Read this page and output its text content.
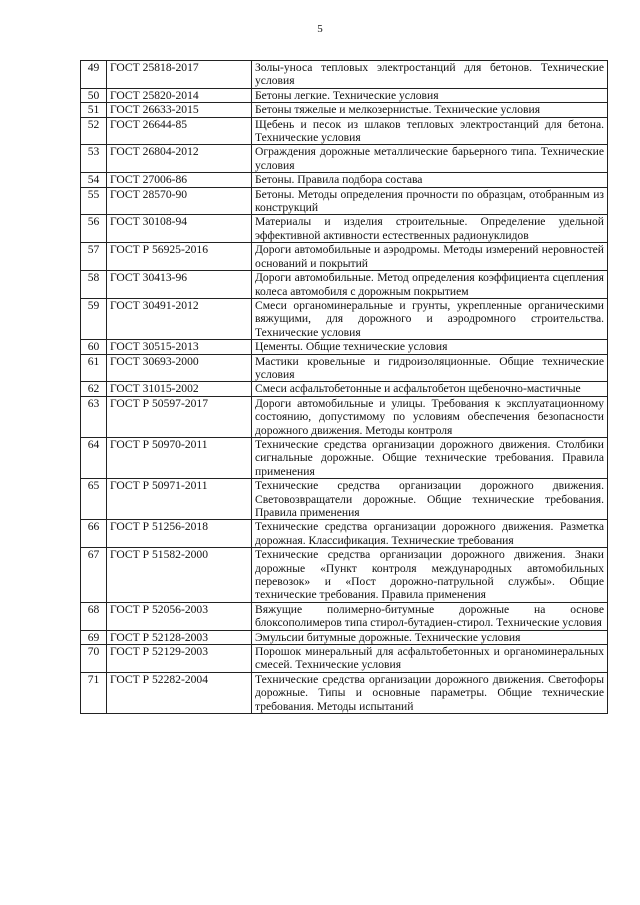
5
49	ГОСТ 25818-2017	Золы-уноса тепловых электростанций для бетонов. Технические условия
50	ГОСТ 25820-2014	Бетоны легкие. Технические условия
51	ГОСТ 26633-2015	Бетоны тяжелые и мелкозернистые. Технические условия
52	ГОСТ 26644-85	Щебень и песок из шлаков тепловых электростанций для бетона. Технические условия
53	ГОСТ 26804-2012	Ограждения дорожные металлические барьерного типа. Технические условия
54	ГОСТ 27006-86	Бетоны. Правила подбора состава
55	ГОСТ 28570-90	Бетоны. Методы определения прочности по образцам, отобранным из конструкций
56	ГОСТ 30108-94	Материалы и изделия строительные. Определение удельной эффективной активности естественных радионуклидов
57	ГОСТ Р 56925-2016	Дороги автомобильные и аэродромы. Методы измерений неровностей оснований и покрытий
58	ГОСТ 30413-96	Дороги автомобильные. Метод определения коэффициента сцепления колеса автомобиля с дорожным покрытием
59	ГОСТ 30491-2012	Смеси органоминеральные и грунты, укрепленные органическими вяжущими, для дорожного и аэродромного строительства. Технические условия
60	ГОСТ 30515-2013	Цементы. Общие технические условия
61	ГОСТ 30693-2000	Мастики кровельные и гидроизоляционные. Общие технические условия
62	ГОСТ 31015-2002	Смеси асфальтобетонные и асфальтобетон щебеночно-мастичные
63	ГОСТ Р 50597-2017	Дороги автомобильные и улицы. Требования к эксплуатационному состоянию, допустимому по условиям обеспечения безопасности дорожного движения. Методы контроля
64	ГОСТ Р 50970-2011	Технические средства организации дорожного движения. Столбики сигнальные дорожные. Общие технические требования. Правила применения
65	ГОСТ Р 50971-2011	Технические средства организации дорожного движения. Световозвращатели дорожные. Общие технические требования. Правила применения
66	ГОСТ Р 51256-2018	Технические средства организации дорожного движения. Разметка дорожная. Классификация. Технические требования
67	ГОСТ Р 51582-2000	Технические средства организации дорожного движения. Знаки дорожные «Пункт контроля международных автомобильных перевозок» и «Пост дорожно-патрульной службы». Общие технические требования. Правила применения
68	ГОСТ Р 52056-2003	Вяжущие полимерно-битумные дорожные на основе блоксополимеров типа стирол-бутадиен-стирол. Технические условия
69	ГОСТ Р 52128-2003	Эмульсии битумные дорожные. Технические условия
70	ГОСТ Р 52129-2003	Порошок минеральный для асфальтобетонных и органоминеральных смесей. Технические условия
71	ГОСТ Р 52282-2004	Технические средства организации дорожного движения. Светофоры дорожные. Типы и основные параметры. Общие технические требования. Методы испытаний
